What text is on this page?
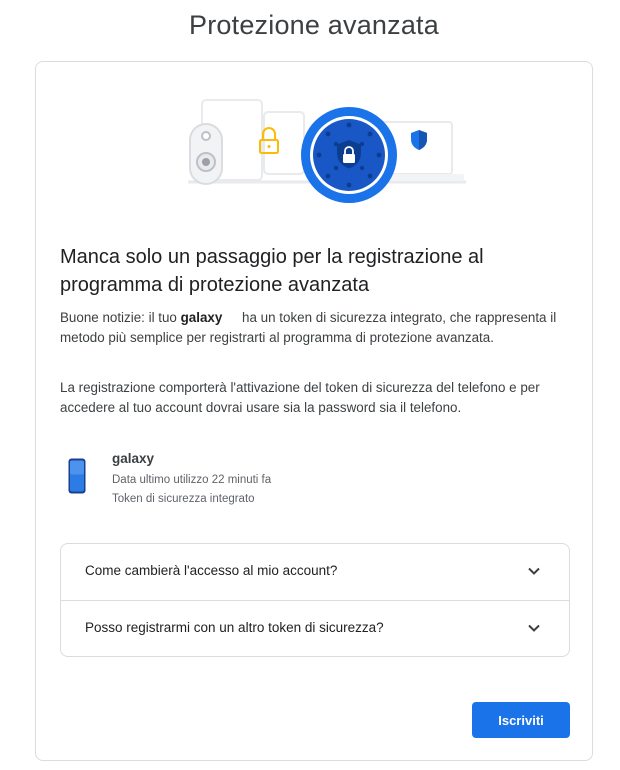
Protezione avanzata
Manca solo un passaggio per la registrazione al programma di protezione avanzata

Buone notizie: il tuo galaxy ha un token di sicurezza integrato, che rappresenta il metodo più semplice per registrarti al programma di protezione avanzata.

La registrazione comporterà l'attivazione del token di sicurezza del telefono e per accedere al tuo account dovrai usare sia la password sia il telefono.

galaxy
Data ultimo utilizzo 22 minuti fa
Token di sicurezza integrato
Come cambierà l'accesso al mio account?
Posso registrarmi con un altro token di sicurezza?
Iscriviti
